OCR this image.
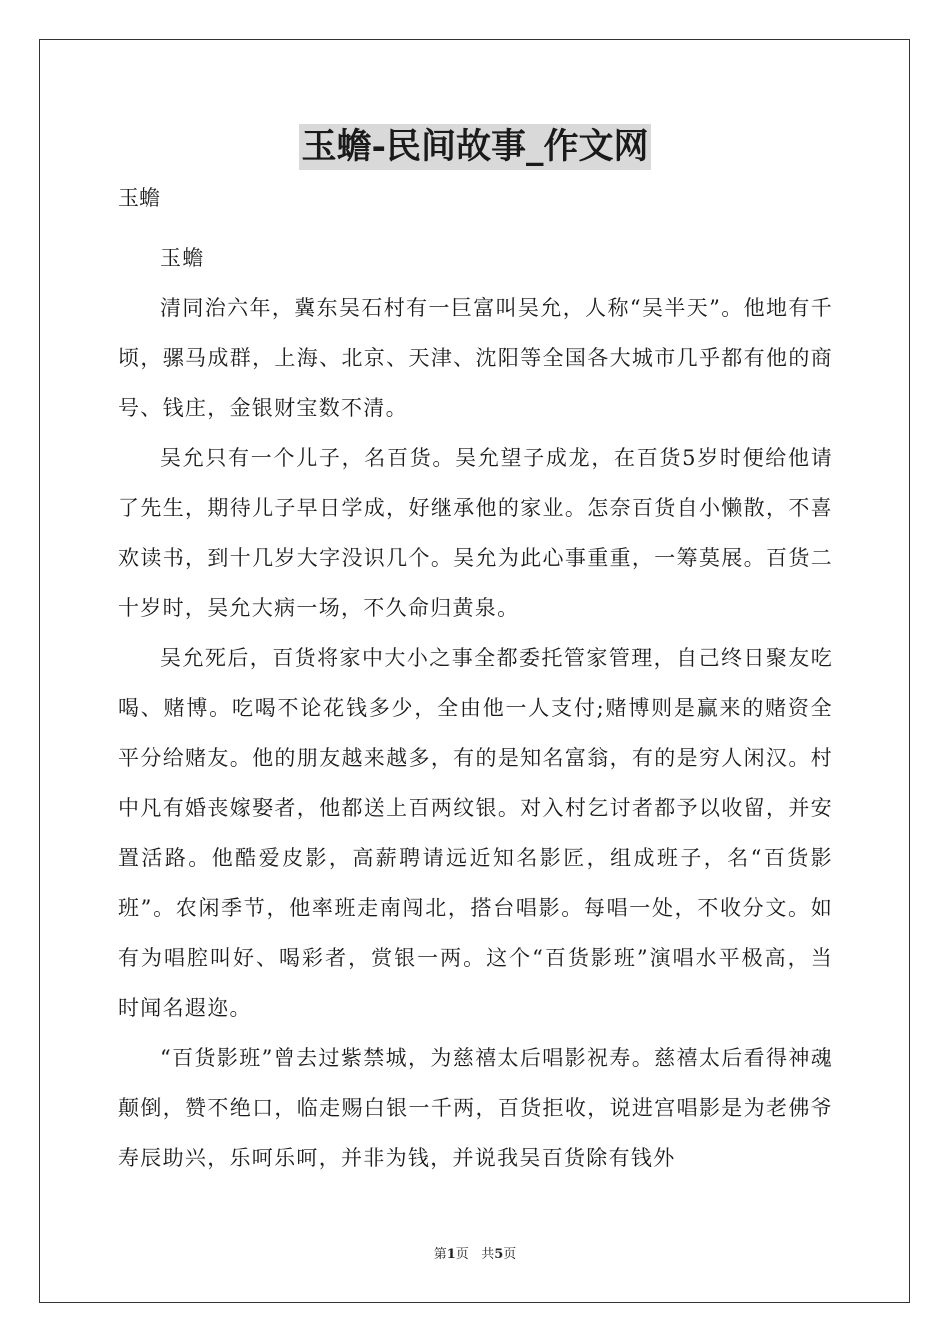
玉蟾-民间故事_作文网
玉蟾

玉蟾

清同治六年，冀东吴石村有一巨富叫吴允，人称“吴半天”。他地有千顷，骡马成群，上海、北京、天津、沈阳等全国各大城市几乎都有他的商号、钱庄，金银财宝数不清。

吴允只有一个儿子，名百货。吴允望子成龙，在百货5岁时便给他请了先生，期待儿子早日学成，好继承他的家业。怎奈百货自小懒散，不喜欢读书，到十几岁大字没识几个。吴允为此心事重重，一筹莫展。百货二十岁时，吴允大病一场，不久命归黄泉。

吴允死后，百货将家中大小之事全都委托管家管理，自己终日聚友吃喝、赌博。吃喝不论花钱多少，全由他一人支付;赌博则是赢来的赌资全平分给赌友。他的朋友越来越多，有的是知名富翁，有的是穷人闲汉。村中凡有婚丧嫁娶者，他都送上百两纹银。对入村乞讨者都予以收留，并安置活路。他酷爱皮影，高薪聘请远近知名影匠，组成班子，名“百货影班”。农闲季节，他率班走南闯北，搭台唱影。每唱一处，不收分文。如有为唱腔叫好、喝彩者，赏银一两。这个“百货影班”演唱水平极高，当时闻名遐迩。

“百货影班”曾去过紫禁城，为慈禧太后唱影祝寿。慈禧太后看得神魂颠倒，赞不绝口，临走赐白银一千两，百货拒收，说进宫唱影是为老佛爷寿辰助兴，乐呵乐呵，并非为钱，并说我吴百货除有钱外

第1页 共5页
